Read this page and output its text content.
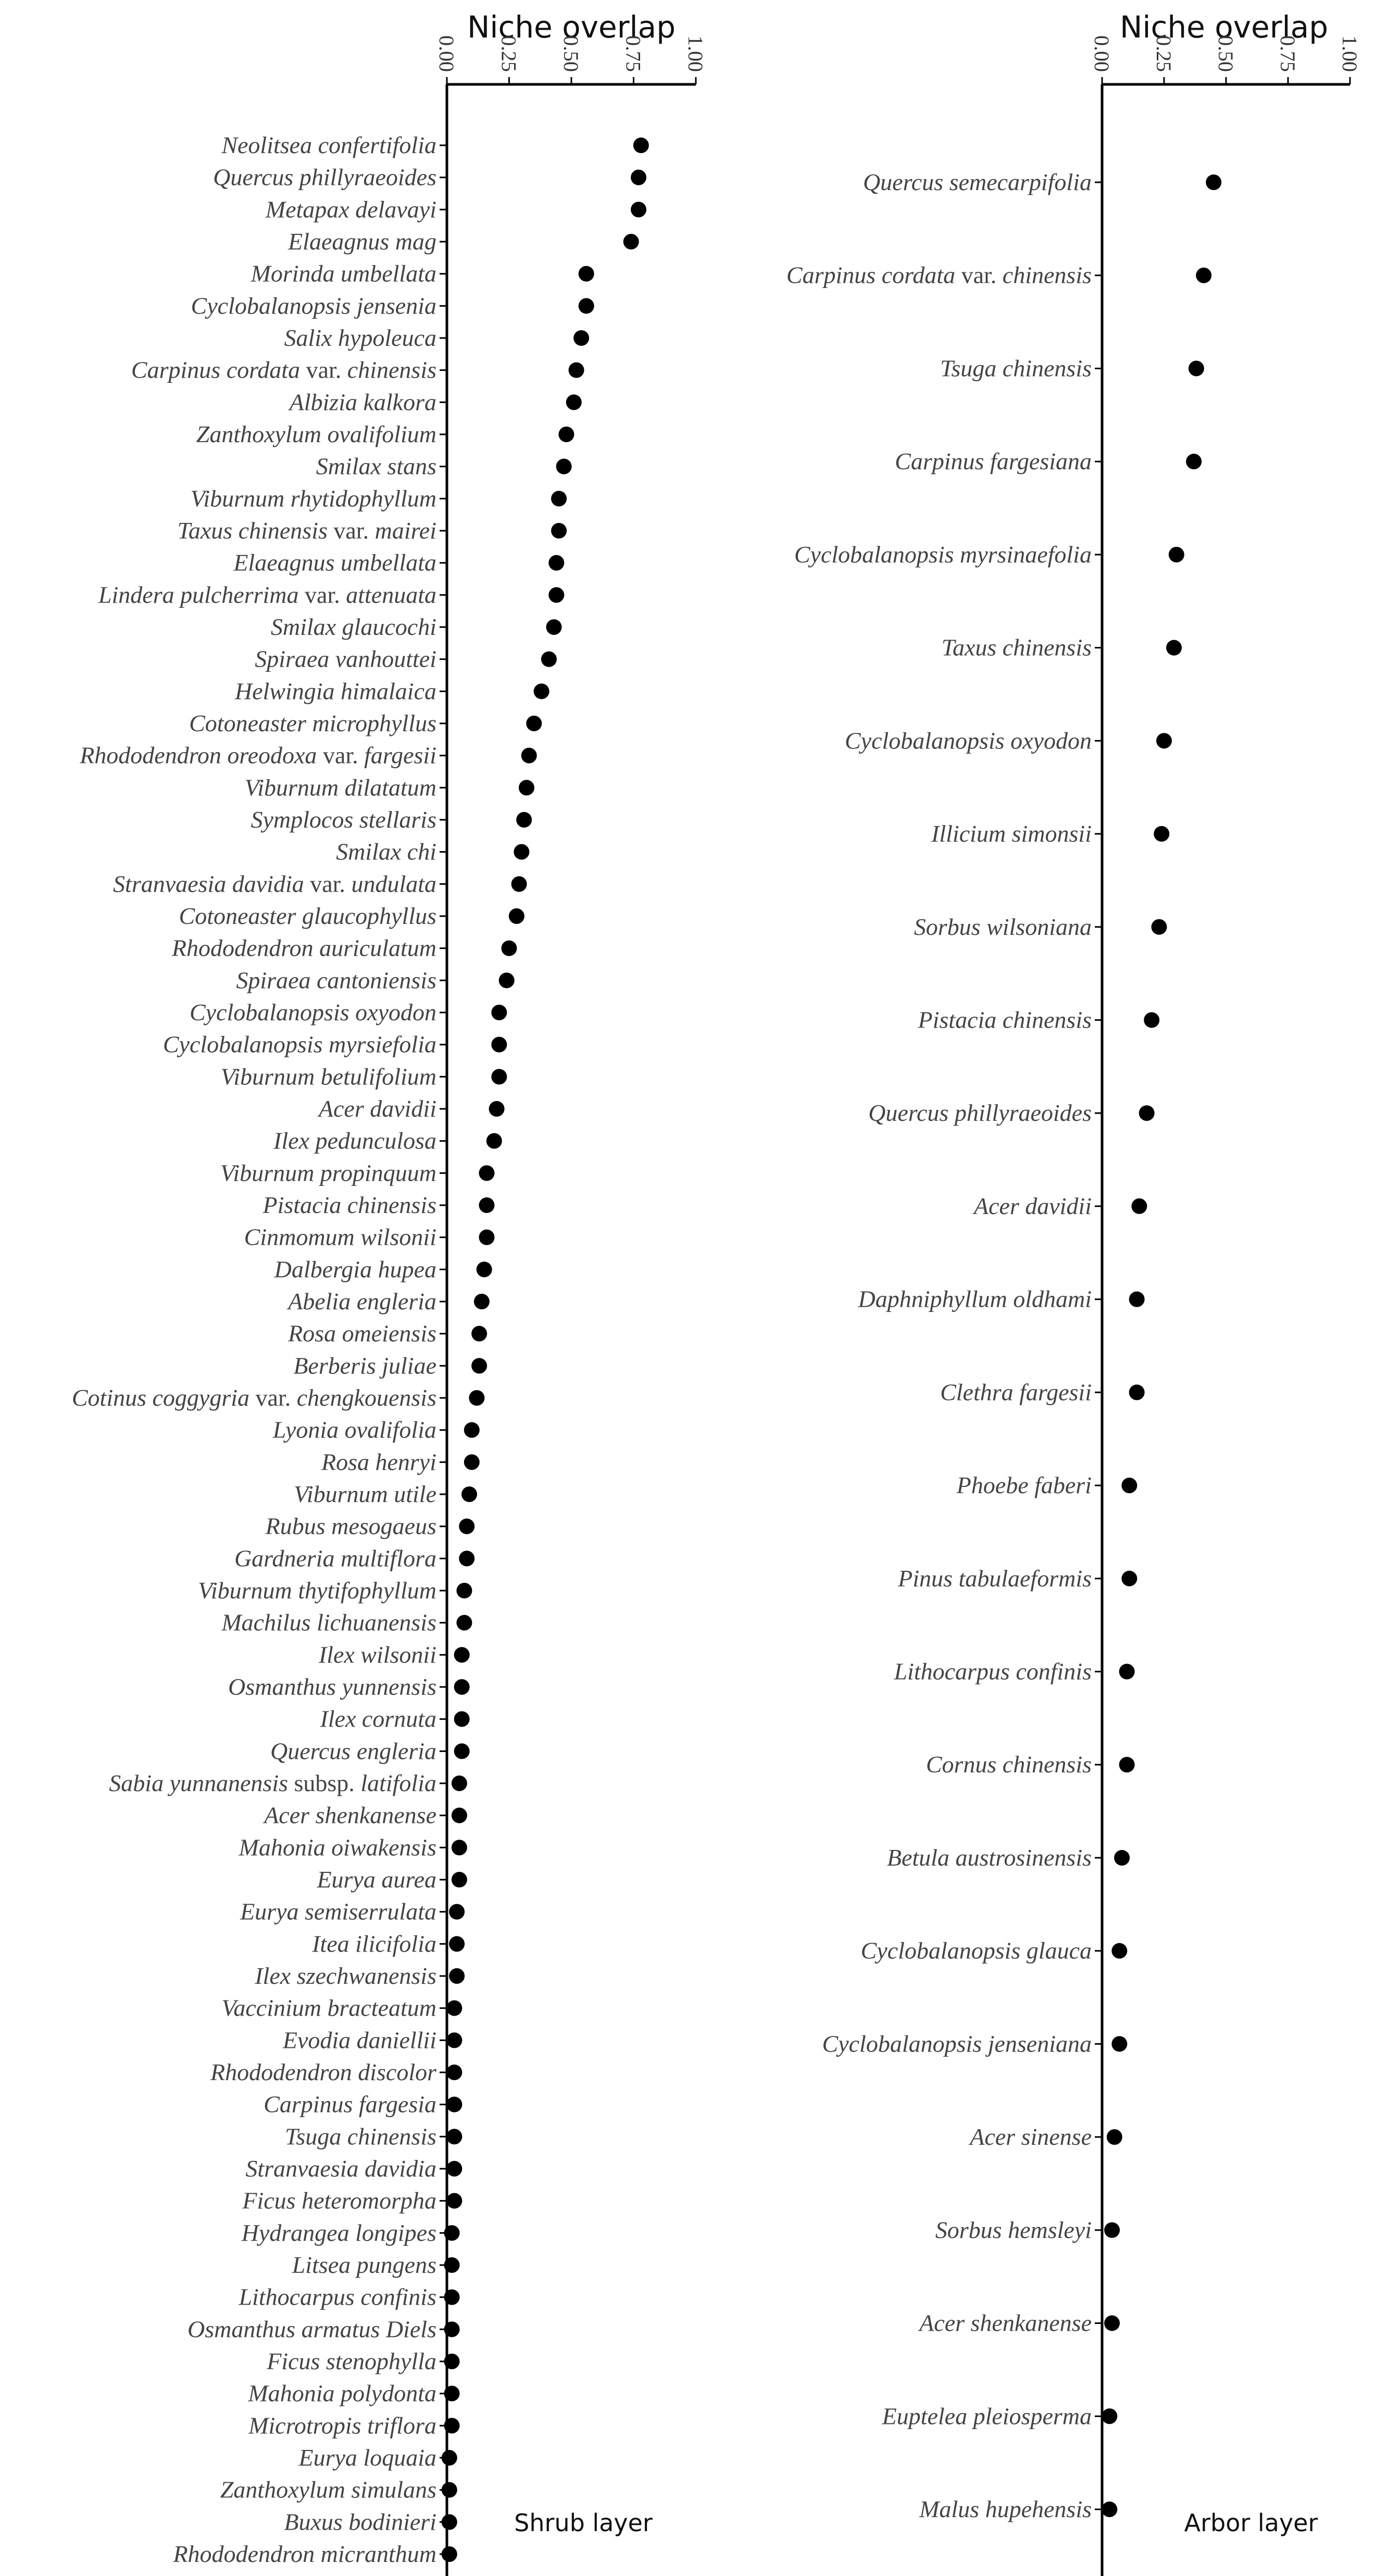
Niche overlap
0.00 0.25 0.50 0.75 1.00
Neolitsea confertifolia
Quercus phillyraeoides
Metapax delavayi
Elaeagnus mag
Morinda umbellata
Cyclobalanopsis jensenia
Salix hypoleuca
Carpinus cordata var. chinensis
Albizia kalkora
Zanthoxylum ovalifolium
Smilax stans
Viburnum rhytidophyllum
Taxus chinensis var. mairei
Elaeagnus umbellata
Lindera pulcherrima var. attenuata
Smilax glaucochi
Spiraea vanhouttei
Helwingia himalaica
Cotoneaster microphyllus
Rhododendron oreodoxa var. fargesii
Viburnum dilatatum
Symplocos stellaris
Smilax chi
Stranvaesia davidia var. undulata
Cotoneaster glaucophyllus
Rhododendron auriculatum
Spiraea cantoniensis
Cyclobalanopsis oxyodon
Cyclobalanopsis myrsiefolia
Viburnum betulifolium
Acer davidii
Ilex pedunculosa
Viburnum propinquum
Pistacia chinensis
Cinmomum wilsonii
Dalbergia hupea
Abelia engleria
Rosa omeiensis
Berberis juliae
Cotinus coggygria var. chengkouensis
Lyonia ovalifolia
Rosa henryi
Viburnum utile
Rubus mesogaeus
Gardneria multiflora
Viburnum thytifophyllum
Machilus lichuanensis
Ilex wilsonii
Osmanthus yunnensis
Ilex cornuta
Quercus engleria
Sabia yunnanensis subsp. latifolia
Acer shenkanense
Mahonia oiwakensis
Eurya aurea
Eurya semiserrulata
Itea ilicifolia
Ilex szechwanensis
Vaccinium bracteatum
Evodia daniellii
Rhododendron discolor
Carpinus fargesia
Tsuga chinensis
Stranvaesia davidia
Ficus heteromorpha
Hydrangea longipes
Litsea pungens
Lithocarpus confinis
Osmanthus armatus Diels
Ficus stenophylla
Mahonia polydonta
Microtropis triflora
Eurya loquaia
Zanthoxylum simulans
Buxus bodinieri
Rhododendron micranthum
Shrub layer
Niche overlap
0.00 0.25 0.50 0.75 1.00
Quercus semecarpifolia
Carpinus cordata var. chinensis
Tsuga chinensis
Carpinus fargesiana
Cyclobalanopsis myrsinaefolia
Taxus chinensis
Cyclobalanopsis oxyodon
Illicium simonsii
Sorbus wilsoniana
Pistacia chinensis
Quercus phillyraeoides
Acer davidii
Daphniphyllum oldhami
Clethra fargesii
Phoebe faberi
Pinus tabulaeformis
Lithocarpus confinis
Cornus chinensis
Betula austrosinensis
Cyclobalanopsis glauca
Cyclobalanopsis jenseniana
Acer sinense
Sorbus hemsleyi
Acer shenkanense
Euptelea pleiosperma
Malus hupehensis	Arbor layer
